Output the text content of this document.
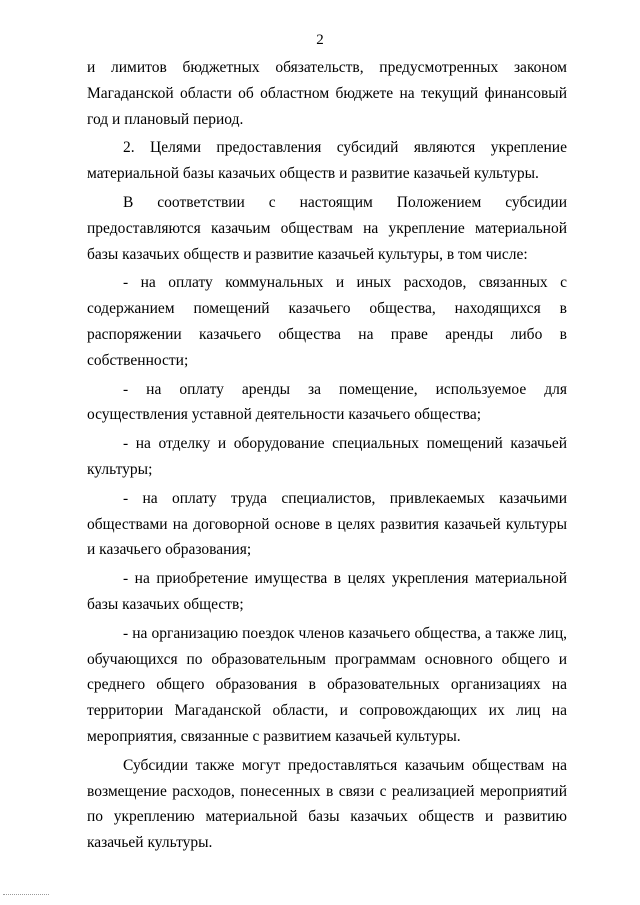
2

и лимитов бюджетных обязательств, предусмотренных законом Магаданской области об областном бюджете на текущий финансовый год и плановый период.

2. Целями предоставления субсидий являются укрепление материальной базы казачьих обществ и развитие казачьей культуры.

В соответствии с настоящим Положением субсидии предоставляются казачьим обществам на укрепление материальной базы казачьих обществ и развитие казачьей культуры, в том числе:

- на оплату коммунальных и иных расходов, связанных с содержанием помещений казачьего общества, находящихся в распоряжении казачьего общества на праве аренды либо в собственности;

- на оплату аренды за помещение, используемое для осуществления уставной деятельности казачьего общества;

- на отделку и оборудование специальных помещений казачьей культуры;

- на оплату труда специалистов, привлекаемых казачьими обществами на договорной основе в целях развития казачьей культуры и казачьего образования;

- на приобретение имущества в целях укрепления материальной базы казачьих обществ;

- на организацию поездок членов казачьего общества, а также лиц, обучающихся по образовательным программам основного общего и среднего общего образования в образовательных организациях на территории Магаданской области, и сопровождающих их лиц на мероприятия, связанные с развитием казачьей культуры.

Субсидии также могут предоставляться казачьим обществам на возмещение расходов, понесенных в связи с реализацией мероприятий по укреплению материальной базы казачьих обществ и развитию казачьей культуры.
